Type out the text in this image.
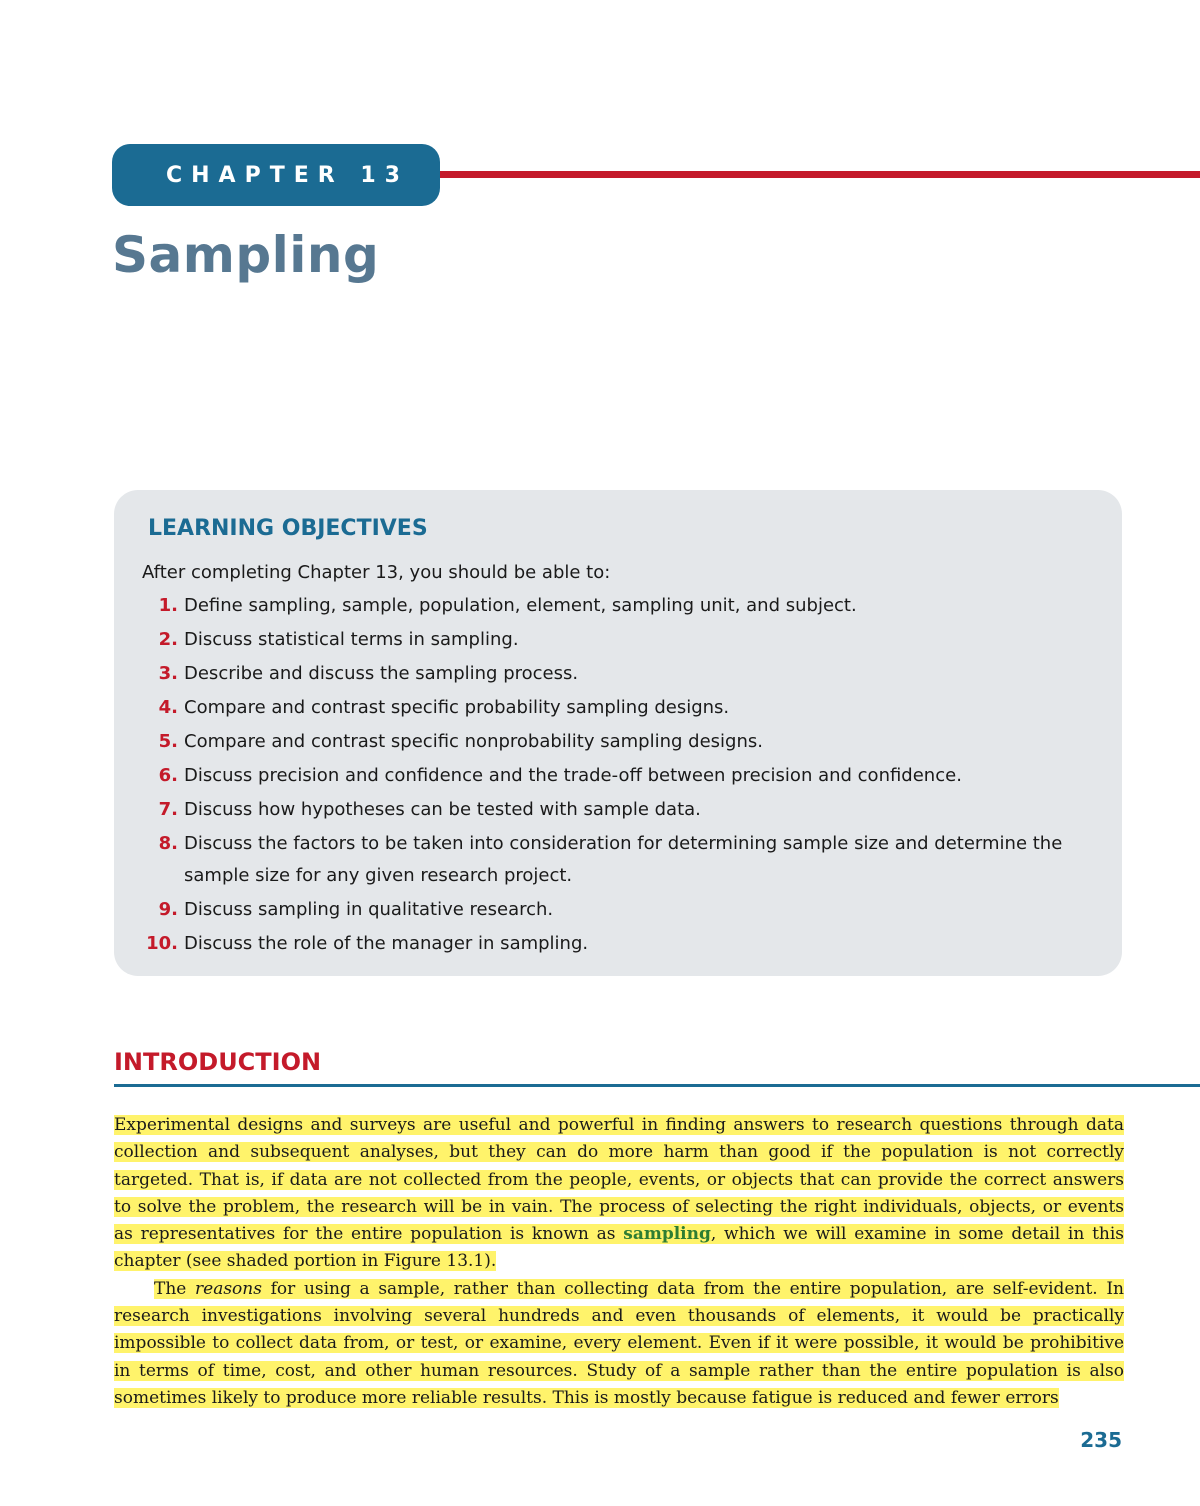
CHAPTER 13
Sampling
LEARNING OBJECTIVES

After completing Chapter 13, you should be able to:

1. Define sampling, sample, population, element, sampling unit, and subject.
2. Discuss statistical terms in sampling.
3. Describe and discuss the sampling process.
4. Compare and contrast specific probability sampling designs.
5. Compare and contrast specific nonprobability sampling designs.
6. Discuss precision and confidence and the trade-off between precision and confidence.
7. Discuss how hypotheses can be tested with sample data.
8. Discuss the factors to be taken into consideration for determining sample size and determine the sample size for any given research project.
9. Discuss sampling in qualitative research.
10. Discuss the role of the manager in sampling.
INTRODUCTION

Experimental designs and surveys are useful and powerful in finding answers to research questions through data collection and subsequent analyses, but they can do more harm than good if the population is not correctly targeted. That is, if data are not collected from the people, events, or objects that can provide the correct answers to solve the problem, the research will be in vain. The process of selecting the right individuals, objects, or events as representatives for the entire population is known as sampling, which we will examine in some detail in this chapter (see shaded portion in Figure 13.1).

The reasons for using a sample, rather than collecting data from the entire population, are self-evident. In research investigations involving several hundreds and even thousands of elements, it would be practically impossible to collect data from, or test, or examine, every element. Even if it were possible, it would be prohibitive in terms of time, cost, and other human resources. Study of a sample rather than the entire population is also sometimes likely to produce more reliable results. This is mostly because fatigue is reduced and fewer errors

235
